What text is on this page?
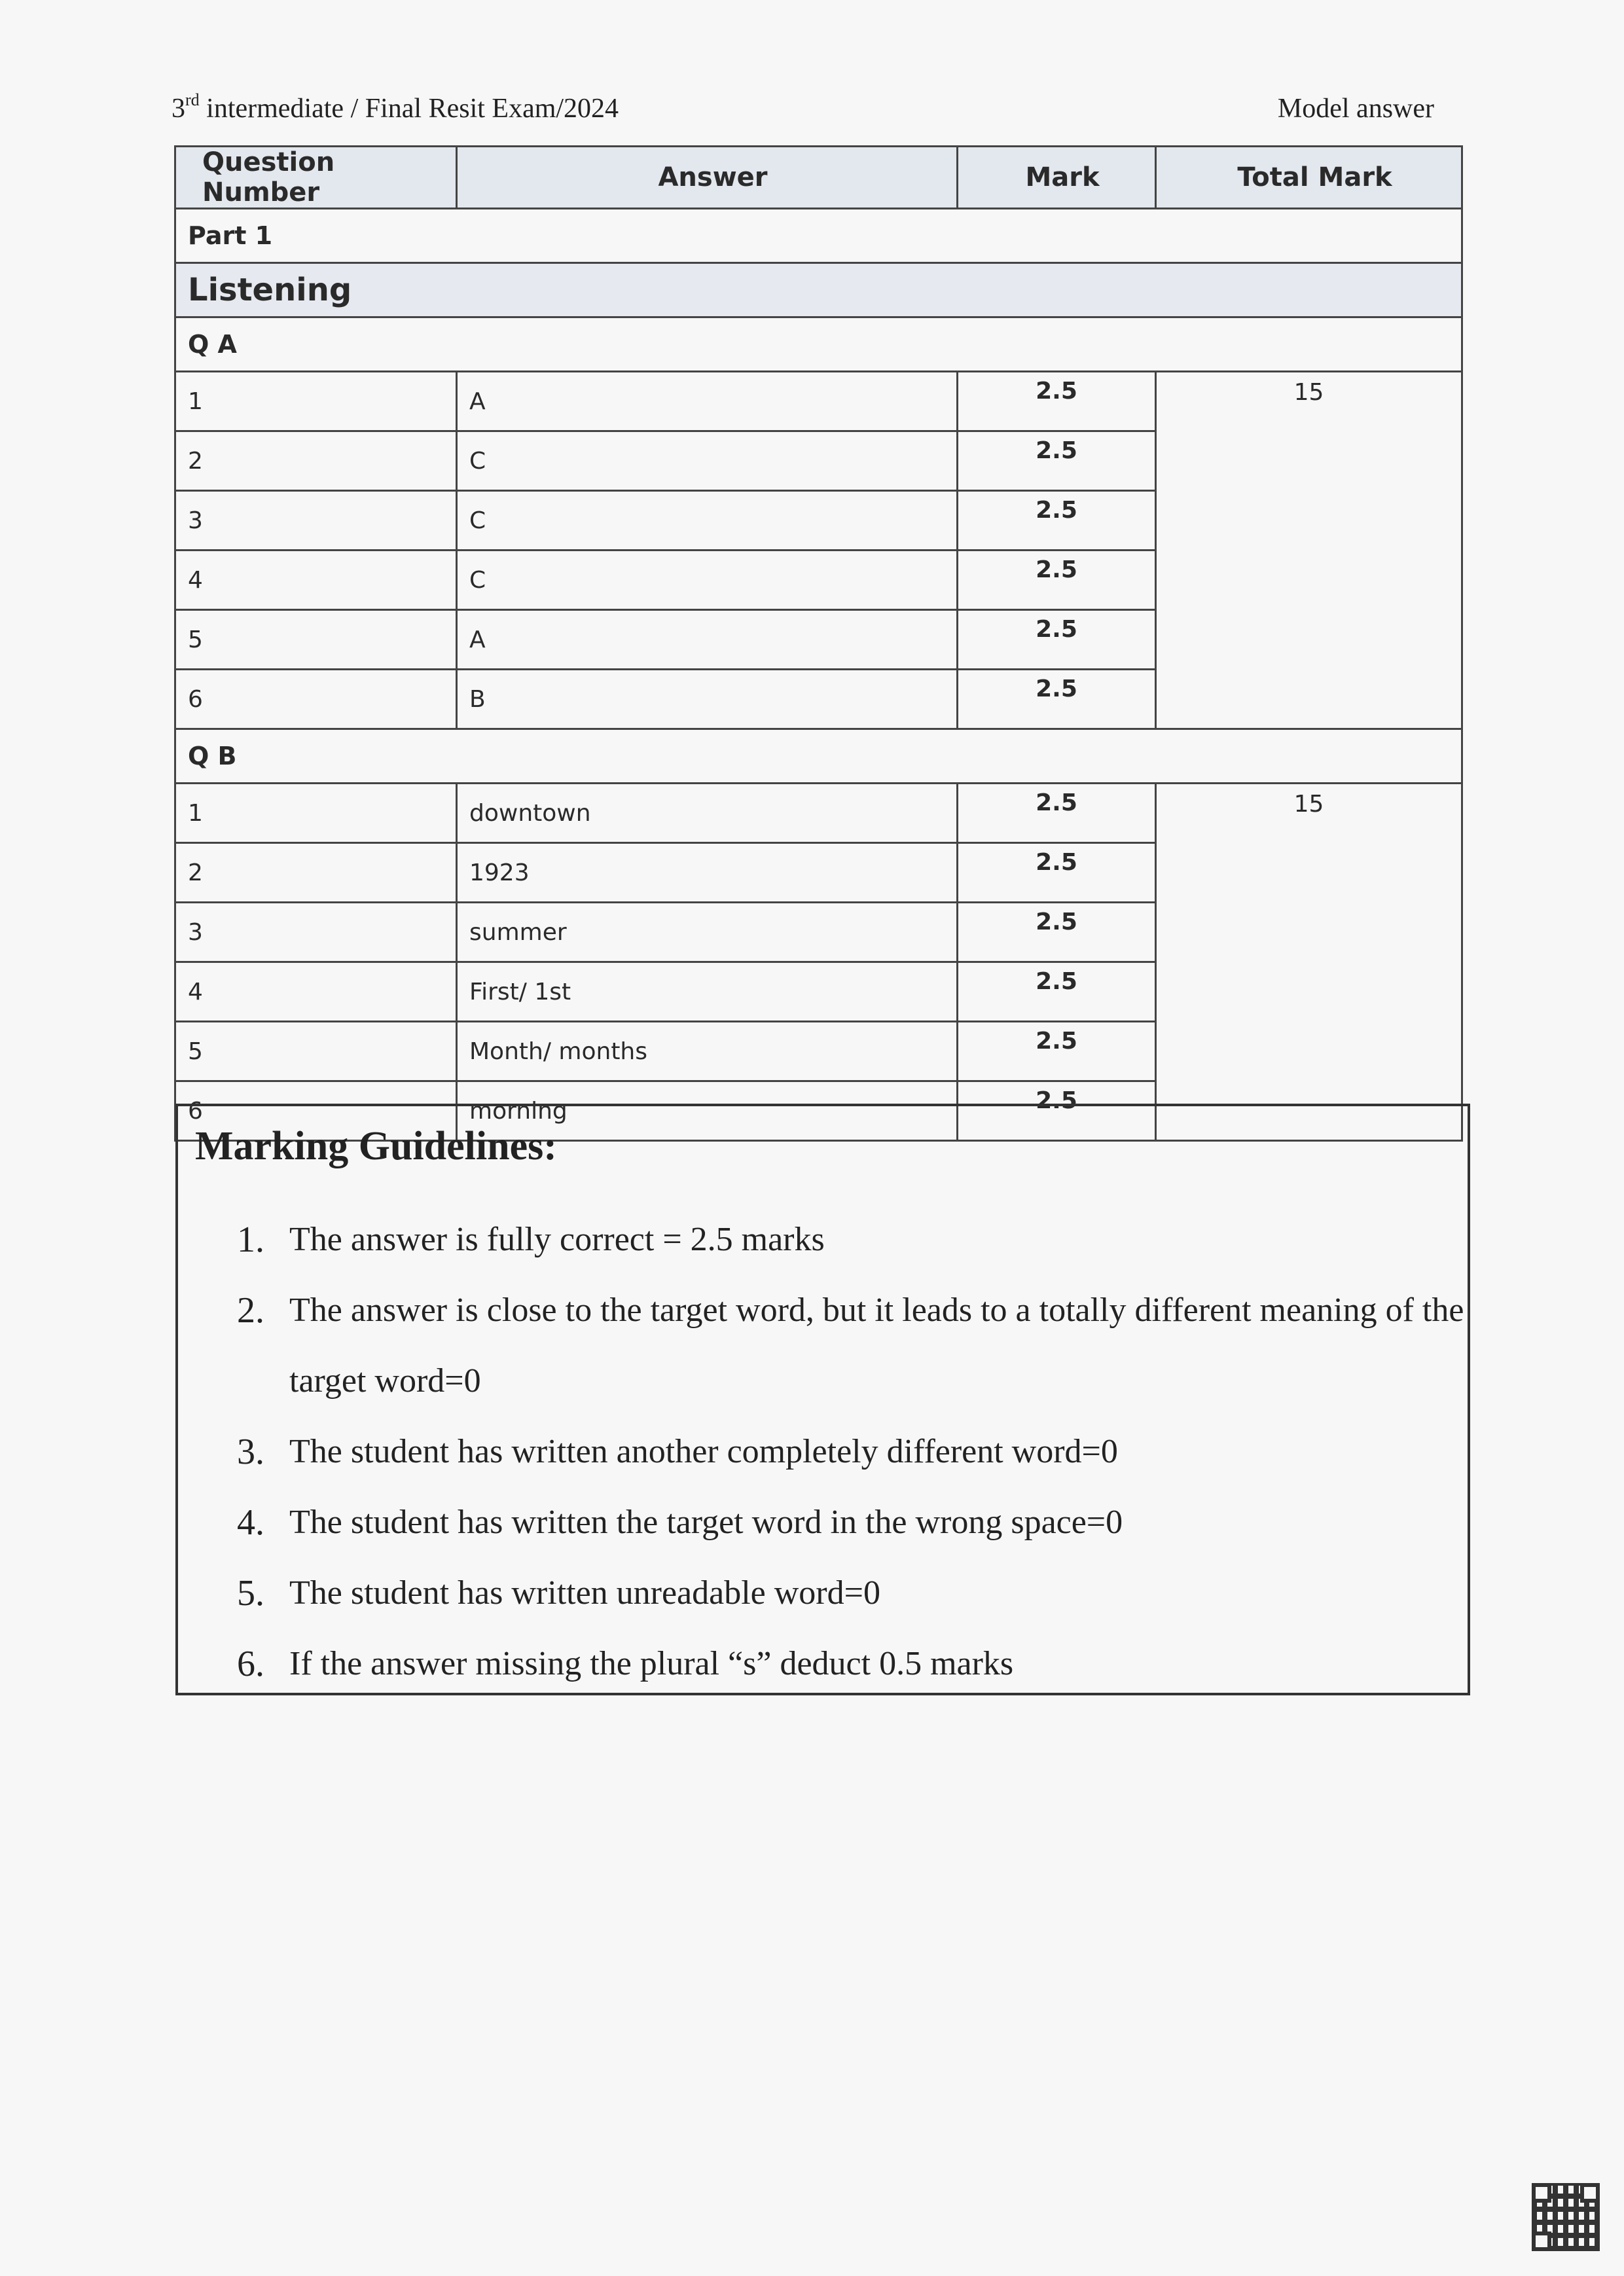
3rd intermediate / Final Resit Exam/2024	Model answer
Question Number	Answer	Mark	Total Mark
Part 1			
Listening			
Q A			
1	A	2.5	15
2	C	2.5	
3	C	2.5	
4	C	2.5	
5	A	2.5	
6	B	2.5	
Q B			
1	downtown	2.5	15
2	1923	2.5	
3	summer	2.5	
4	First/ 1st	2.5	
5	Month/ months	2.5	
6	morning	2.5	
Marking Guidelines:
1. The answer is fully correct = 2.5 marks
2. The answer is close to the target word, but it leads to a totally different meaning of the target word=0
3. The student has written another completely different word=0
4. The student has written the target word in the wrong space=0
5. The student has written unreadable word=0
6. If the answer missing the plural “s” deduct 0.5 marks
